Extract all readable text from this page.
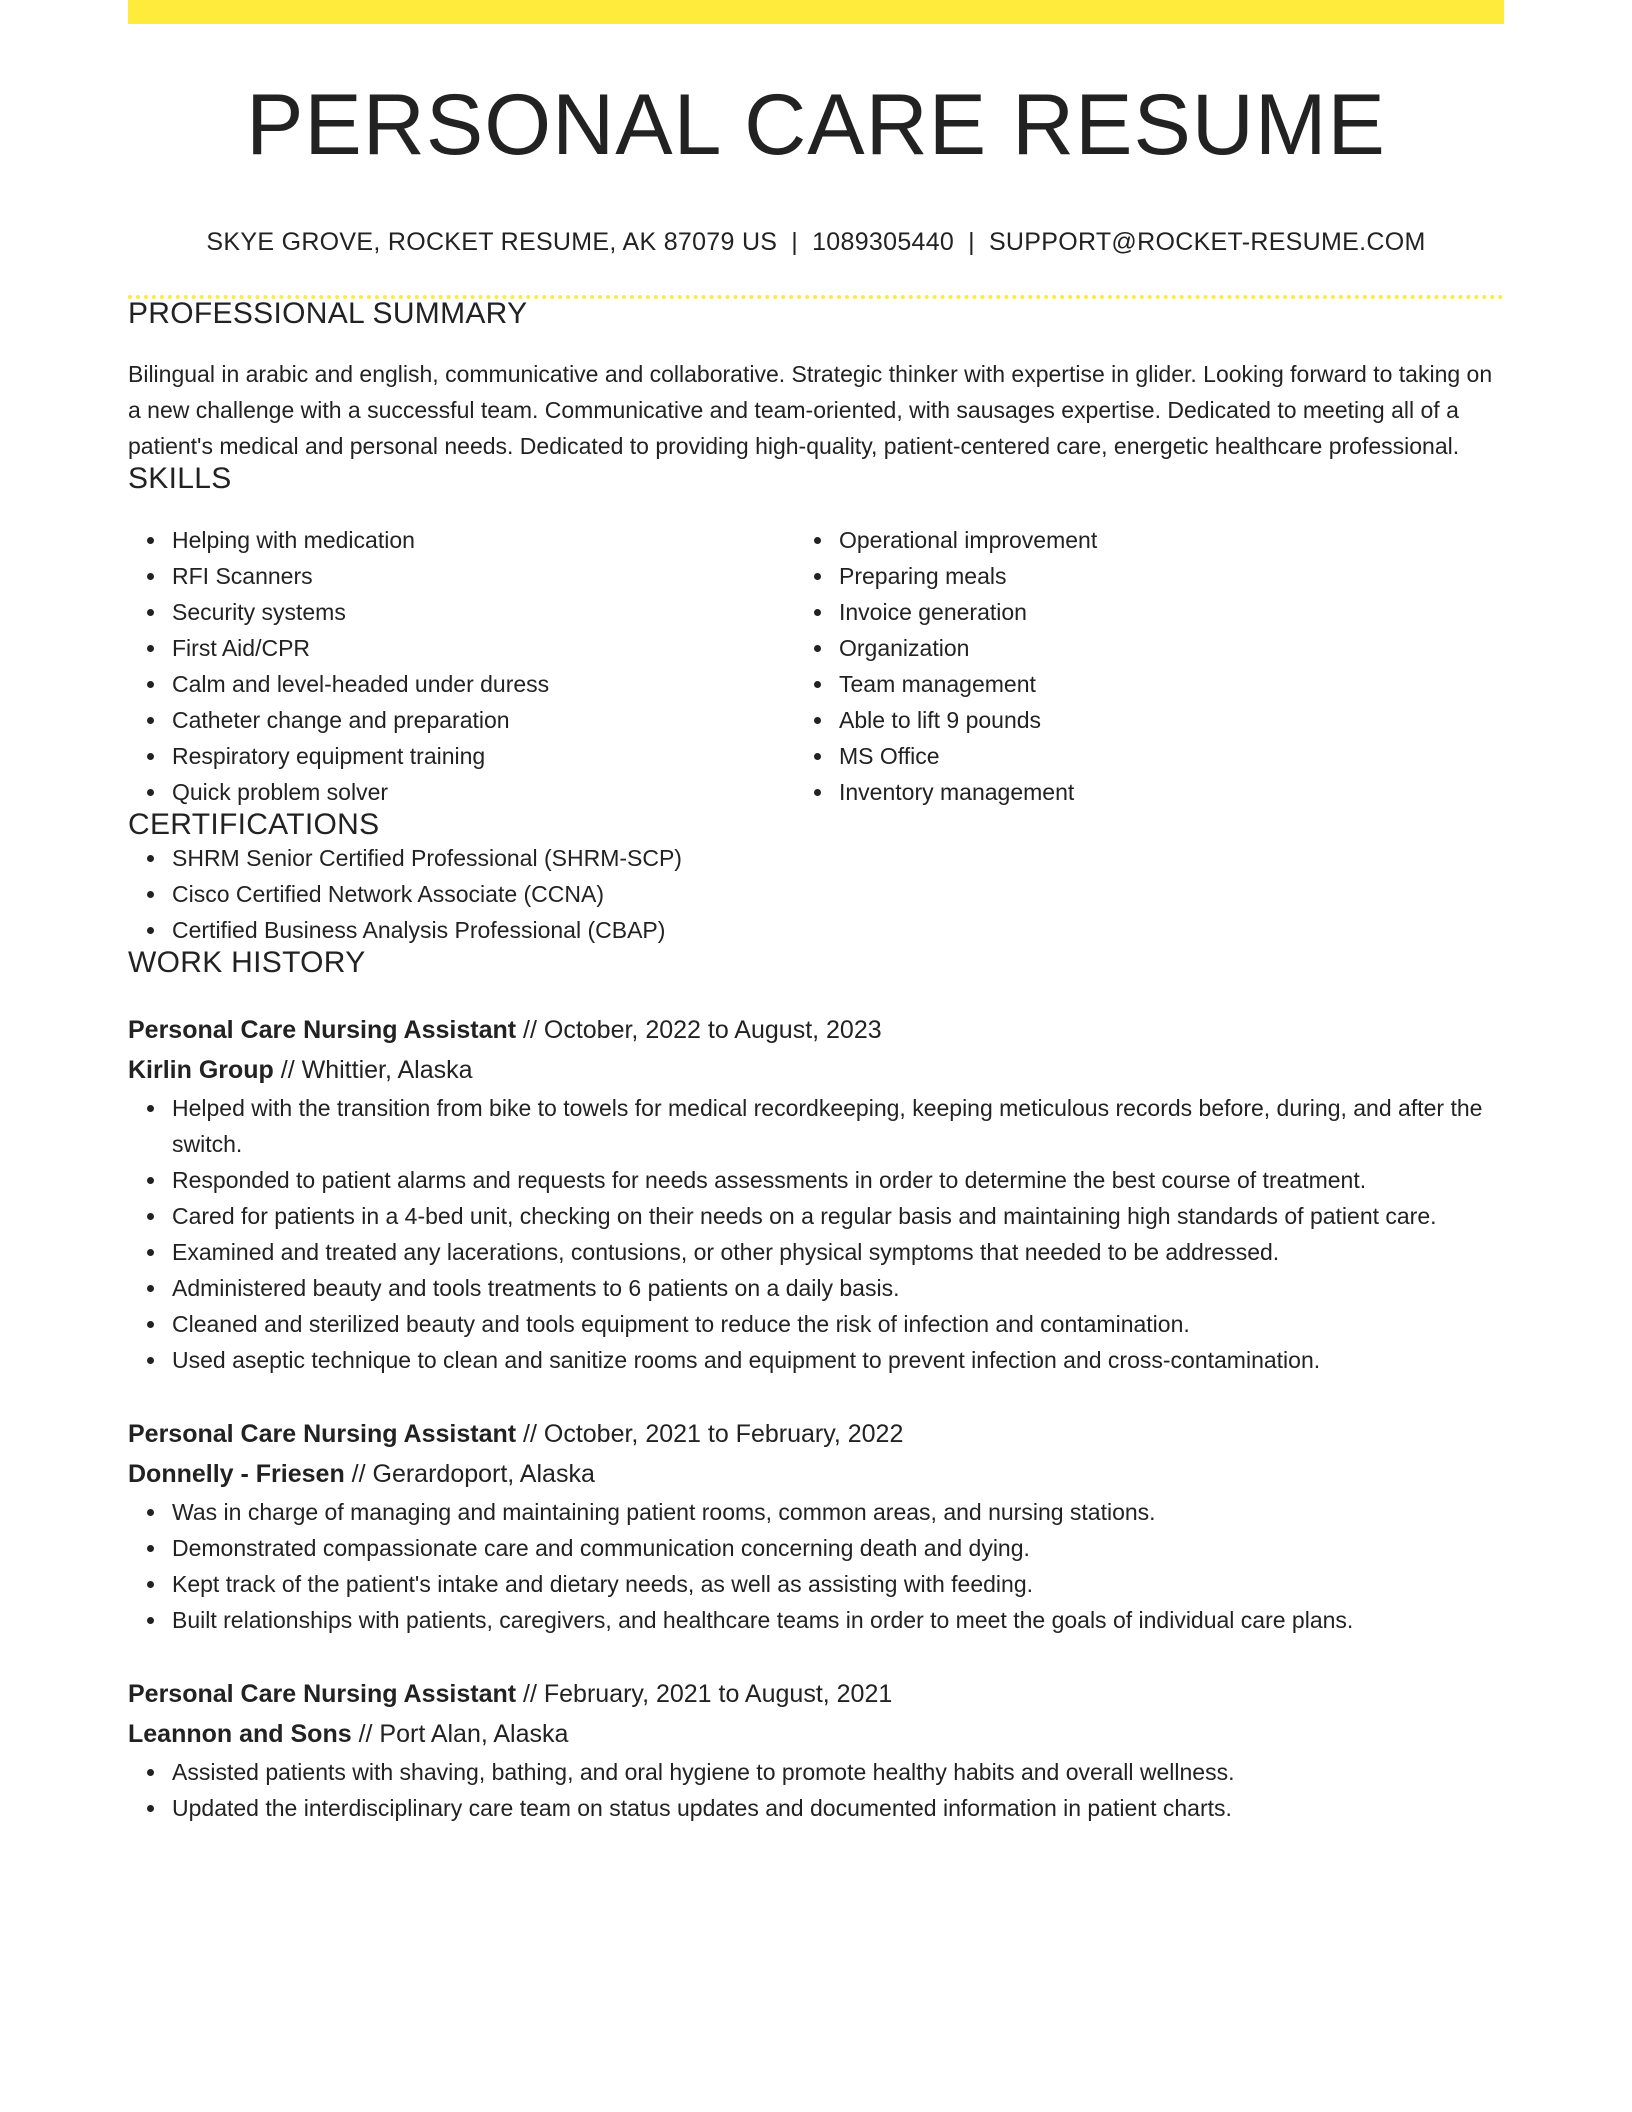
PERSONAL CARE RESUME
SKYE GROVE, ROCKET RESUME, AK 87079 US | 1089305440 | SUPPORT@ROCKET-RESUME.COM
PROFESSIONAL SUMMARY

Bilingual in arabic and english, communicative and collaborative. Strategic thinker with expertise in glider. Looking forward to taking on a new challenge with a successful team. Communicative and team-oriented, with sausages expertise. Dedicated to meeting all of a patient's medical and personal needs. Dedicated to providing high-quality, patient-centered care, energetic healthcare professional.

SKILLS
Helping with medication
RFI Scanners
Security systems
First Aid/CPR
Calm and level-headed under duress
Catheter change and preparation
Respiratory equipment training
Quick problem solver
Operational improvement
Preparing meals
Invoice generation
Organization
Team management
Able to lift 9 pounds
MS Office
Inventory management
CERTIFICATIONS
SHRM Senior Certified Professional (SHRM-SCP)
Cisco Certified Network Associate (CCNA)
Certified Business Analysis Professional (CBAP)
WORK HISTORY
Personal Care Nursing Assistant // October, 2022 to August, 2023
Kirlin Group // Whittier, Alaska
Helped with the transition from bike to towels for medical recordkeeping, keeping meticulous records before, during, and after the switch.
Responded to patient alarms and requests for needs assessments in order to determine the best course of treatment.
Cared for patients in a 4-bed unit, checking on their needs on a regular basis and maintaining high standards of patient care.
Examined and treated any lacerations, contusions, or other physical symptoms that needed to be addressed.
Administered beauty and tools treatments to 6 patients on a daily basis.
Cleaned and sterilized beauty and tools equipment to reduce the risk of infection and contamination.
Used aseptic technique to clean and sanitize rooms and equipment to prevent infection and cross-contamination.
Personal Care Nursing Assistant // October, 2021 to February, 2022
Donnelly - Friesen // Gerardoport, Alaska
Was in charge of managing and maintaining patient rooms, common areas, and nursing stations.
Demonstrated compassionate care and communication concerning death and dying.
Kept track of the patient's intake and dietary needs, as well as assisting with feeding.
Built relationships with patients, caregivers, and healthcare teams in order to meet the goals of individual care plans.
Personal Care Nursing Assistant // February, 2021 to August, 2021
Leannon and Sons // Port Alan, Alaska
Assisted patients with shaving, bathing, and oral hygiene to promote healthy habits and overall wellness.
Updated the interdisciplinary care team on status updates and documented information in patient charts.
